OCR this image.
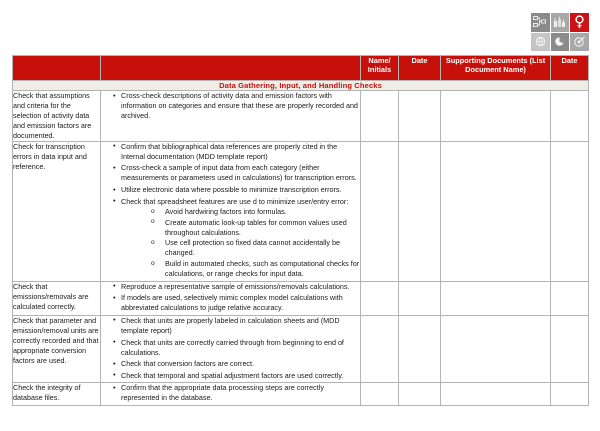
		Name/ Initials	Date	Supporting Documents (List Document Name)	Date
Data Gathering, Input, and Handling Checks					
Check that assumptions and criteria for the selection of activity data and emission factors are documented.	
• Cross-check descriptions of activity data and emission factors with information on categories and ensure that these are properly recorded and archived.

Check for transcription errors in data input and reference.	
• Confirm that bibliographical data references are properly cited in the Internal documentation (MDD template report)
• Cross-check a sample of input data from each category (either measurements or parameters used in calculations) for transcription errors.
• Utilize electronic data where possible to minimize transcription errors.
• Check that spreadsheet features are use d to minimize user/entry error:
o Avoid hardwiring factors into formulas.
o Create automatic look-up tables for common values used throughout calculations.
o Use cell protection so fixed data cannot accidentally be changed.
o Build in automated checks, such as computational checks for calculations, or range checks for input data.

Check that emissions/removals are calculated correctly.	
• Reproduce a representative sample of emissions/removals calculations.
• If models are used, selectively mimic complex model calculations with abbreviated calculations to judge relative accuracy.

Check that parameter and emission/removal units are correctly recorded and that appropriate conversion factors are used.	
• Check that units are properly labeled in calculation sheets and (MDD template report)
• Check that units are correctly carried through from beginning to end of calculations.
• Check that conversion factors are correct.
• Check that temporal and spatial adjustment factors are used correctly.

Check the integrity of database files.	
• Confirm that the appropriate data processing steps are correctly represented in the database.
